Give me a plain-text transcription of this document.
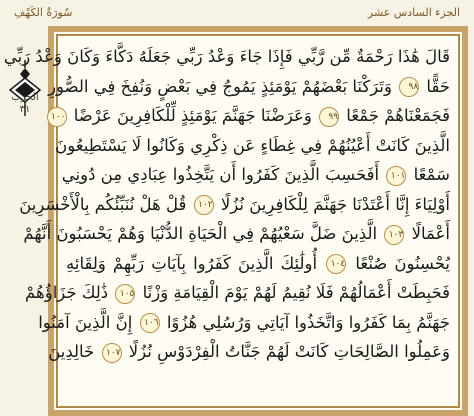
الجزء السادس عشر
سُورَةُ الكَهْفِ
الحزب
٣١
قَالَ هَٰذَا رَحْمَةٌ مِّن رَّبِّي فَإِذَا جَاءَ وَعْدُ رَبِّي جَعَلَهُ دَكَّاءَ وَكَانَ وَعْدُ رَبِّي
حَقًّا ٩٨ وَتَرَكْنَا بَعْضَهُمْ يَوْمَئِذٍ يَمُوجُ فِي بَعْضٍ وَنُفِخَ فِي الصُّورِ
فَجَمَعْنَاهُمْ جَمْعًا ٩٩ وَعَرَضْنَا جَهَنَّمَ يَوْمَئِذٍ لِّلْكَافِرِينَ عَرْضًا ١٠٠
الَّذِينَ كَانَتْ أَعْيُنُهُمْ فِي غِطَاءٍ عَن ذِكْرِي وَكَانُوا لَا يَسْتَطِيعُونَ
سَمْعًا ١٠١ أَفَحَسِبَ الَّذِينَ كَفَرُوا أَن يَتَّخِذُوا عِبَادِي مِن دُونِي
أَوْلِيَاءَ إِنَّا أَعْتَدْنَا جَهَنَّمَ لِلْكَافِرِينَ نُزُلًا ١٠٢ قُلْ هَلْ نُنَبِّئُكُم بِالْأَخْسَرِينَ
أَعْمَالًا ١٠٣ الَّذِينَ ضَلَّ سَعْيُهُمْ فِي الْحَيَاةِ الدُّنْيَا وَهُمْ يَحْسَبُونَ أَنَّهُمْ
يُحْسِنُونَ صُنْعًا ١٠٤ أُولَٰئِكَ الَّذِينَ كَفَرُوا بِآيَاتِ رَبِّهِمْ وَلِقَائِهِ
فَحَبِطَتْ أَعْمَالُهُمْ فَلَا نُقِيمُ لَهُمْ يَوْمَ الْقِيَامَةِ وَزْنًا ١٠٥ ذَٰلِكَ جَزَاؤُهُمْ
جَهَنَّمُ بِمَا كَفَرُوا وَاتَّخَذُوا آيَاتِي وَرُسُلِي هُزُوًا ١٠٦ إِنَّ الَّذِينَ آمَنُوا
وَعَمِلُوا الصَّالِحَاتِ كَانَتْ لَهُمْ جَنَّاتُ الْفِرْدَوْسِ نُزُلًا ١٠٧ خَالِدِينَ
